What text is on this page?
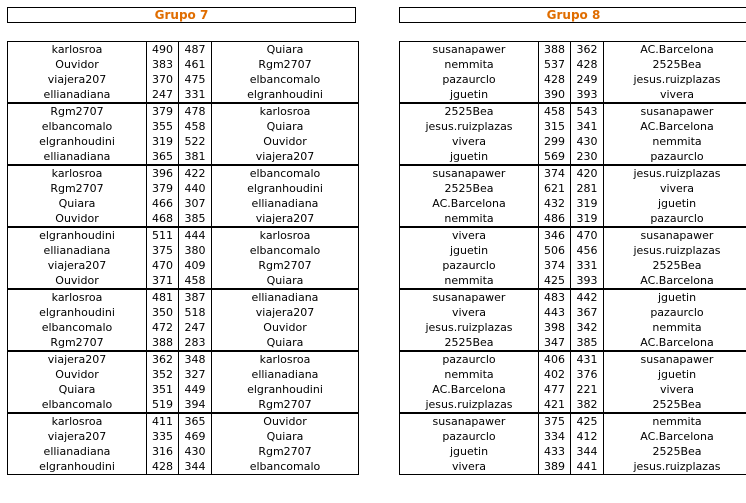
Grupo 7
karlosroa	490	487	Quiara
Ouvidor	383	461	Rgm2707
viajera207	370	475	elbancomalo
ellianadiana	247	331	elgranhoudini
Rgm2707	379	478	karlosroa
elbancomalo	355	458	Quiara
elgranhoudini	319	522	Ouvidor
ellianadiana	365	381	viajera207
karlosroa	396	422	elbancomalo
Rgm2707	379	440	elgranhoudini
Quiara	466	307	ellianadiana
Ouvidor	468	385	viajera207
elgranhoudini	511	444	karlosroa
ellianadiana	375	380	elbancomalo
viajera207	470	409	Rgm2707
Ouvidor	371	458	Quiara
karlosroa	481	387	ellianadiana
elgranhoudini	350	518	viajera207
elbancomalo	472	247	Ouvidor
Rgm2707	388	283	Quiara
viajera207	362	348	karlosroa
Ouvidor	352	327	ellianadiana
Quiara	351	449	elgranhoudini
elbancomalo	519	394	Rgm2707
karlosroa	411	365	Ouvidor
viajera207	335	469	Quiara
ellianadiana	316	430	Rgm2707
elgranhoudini	428	344	elbancomalo
Grupo 8
susanapawer	388	362	AC.Barcelona
nemmita	537	428	2525Bea
pazaurclo	428	249	jesus.ruizplazas
jguetin	390	393	vivera
2525Bea	458	543	susanapawer
jesus.ruizplazas	315	341	AC.Barcelona
vivera	299	430	nemmita
jguetin	569	230	pazaurclo
susanapawer	374	420	jesus.ruizplazas
2525Bea	621	281	vivera
AC.Barcelona	432	319	jguetin
nemmita	486	319	pazaurclo
vivera	346	470	susanapawer
jguetin	506	456	jesus.ruizplazas
pazaurclo	374	331	2525Bea
nemmita	425	393	AC.Barcelona
susanapawer	483	442	jguetin
vivera	443	367	pazaurclo
jesus.ruizplazas	398	342	nemmita
2525Bea	347	385	AC.Barcelona
pazaurclo	406	431	susanapawer
nemmita	402	376	jguetin
AC.Barcelona	477	221	vivera
jesus.ruizplazas	421	382	2525Bea
susanapawer	375	425	nemmita
pazaurclo	334	412	AC.Barcelona
jguetin	433	344	2525Bea
vivera	389	441	jesus.ruizplazas
